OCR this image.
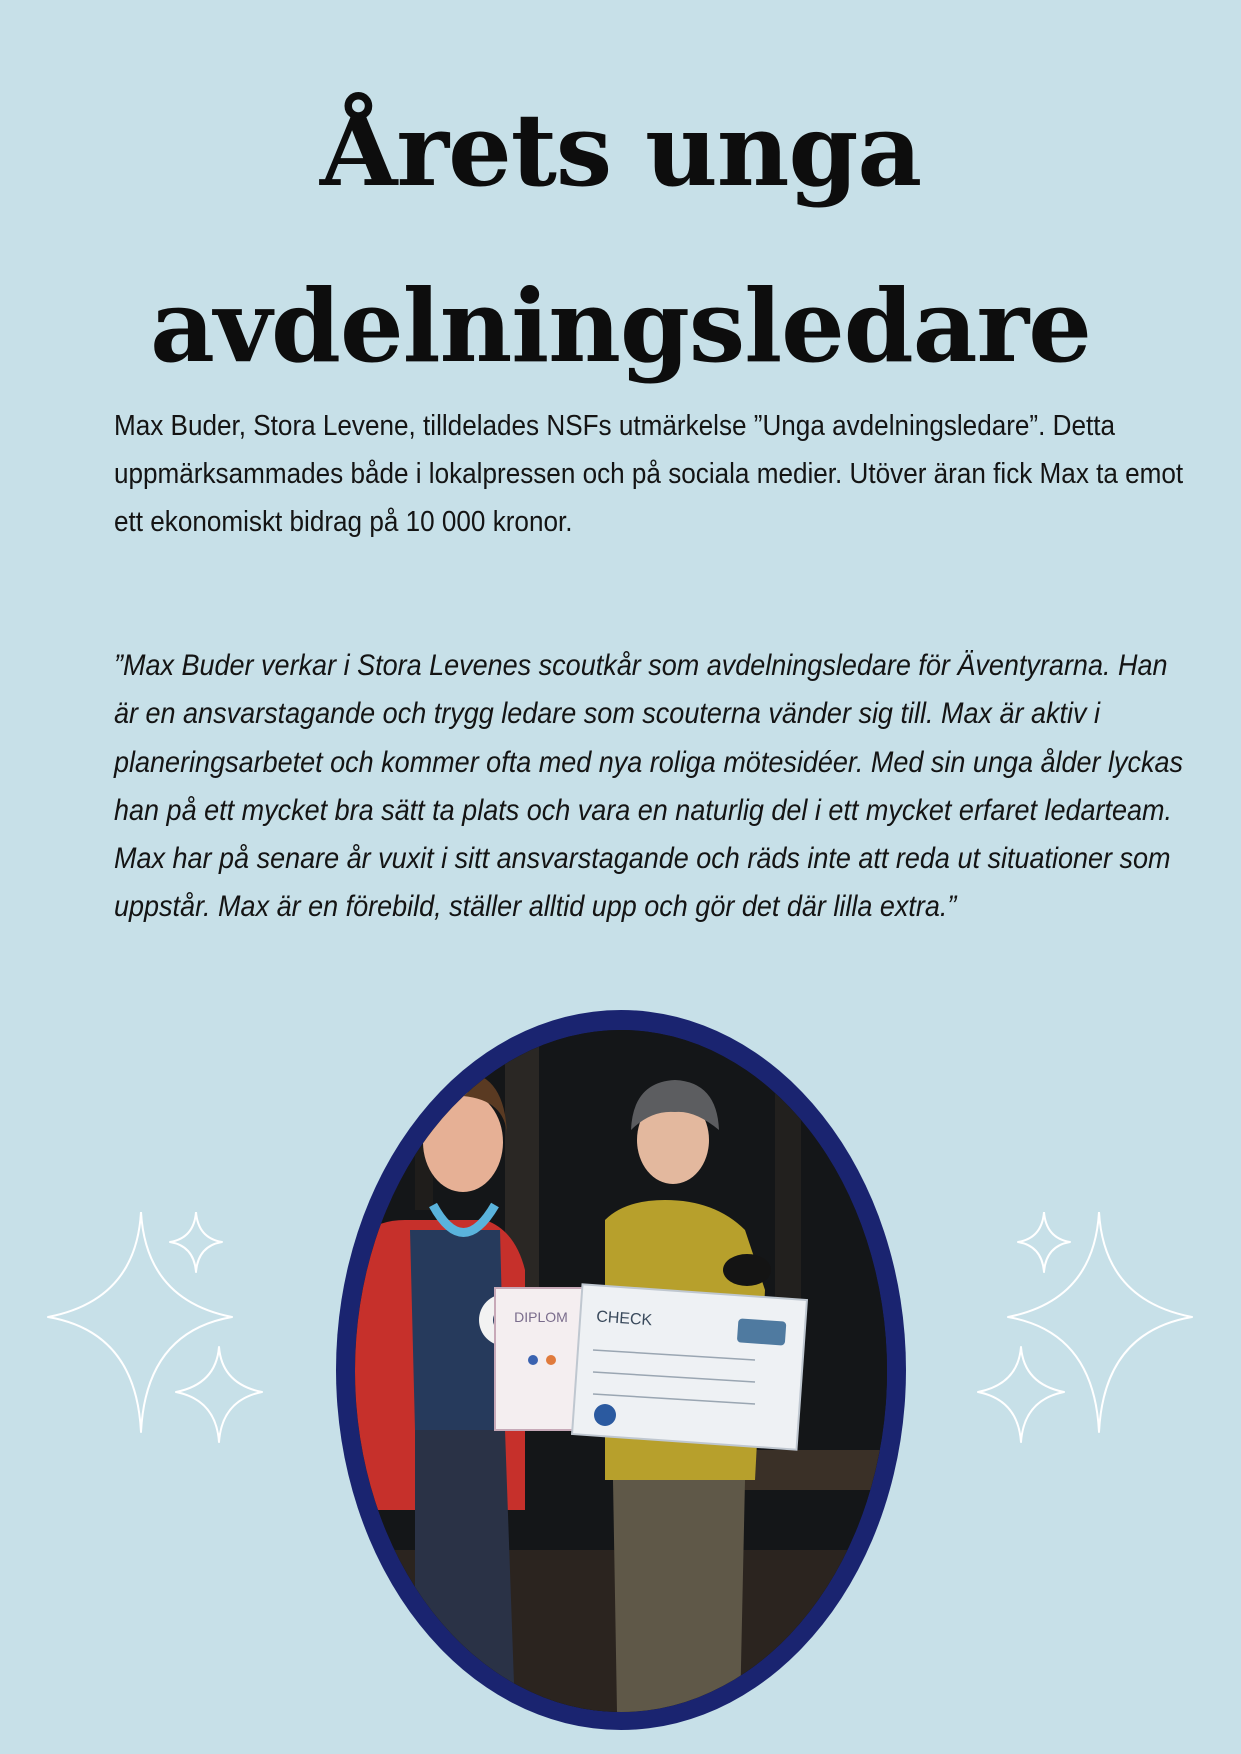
Årets unga
avdelningsledare

Max Buder, Stora Levene, tilldelades NSFs utmärkelse ”Unga avdelningsledare”. Detta uppmärksammades både i lokalpressen och på sociala medier. Utöver äran fick Max ta emot ett ekonomiskt bidrag på 10 000 kronor.

”Max Buder verkar i Stora Levenes scoutkår som avdelningsledare för Äventyrarna. Han är en ansvarstagande och trygg ledare som scouterna vänder sig till. Max är aktiv i planeringsarbetet och kommer ofta med nya roliga mötesidéer. Med sin unga ålder lyckas han på ett mycket bra sätt ta plats och vara en naturlig del i ett mycket erfaret ledarteam. Max har på senare år vuxit i sitt ansvarstagande och räds inte att reda ut situationer som uppstår. Max är en förebild, ställer alltid upp och gör det där lilla extra.”

DIPLOM CHECK
